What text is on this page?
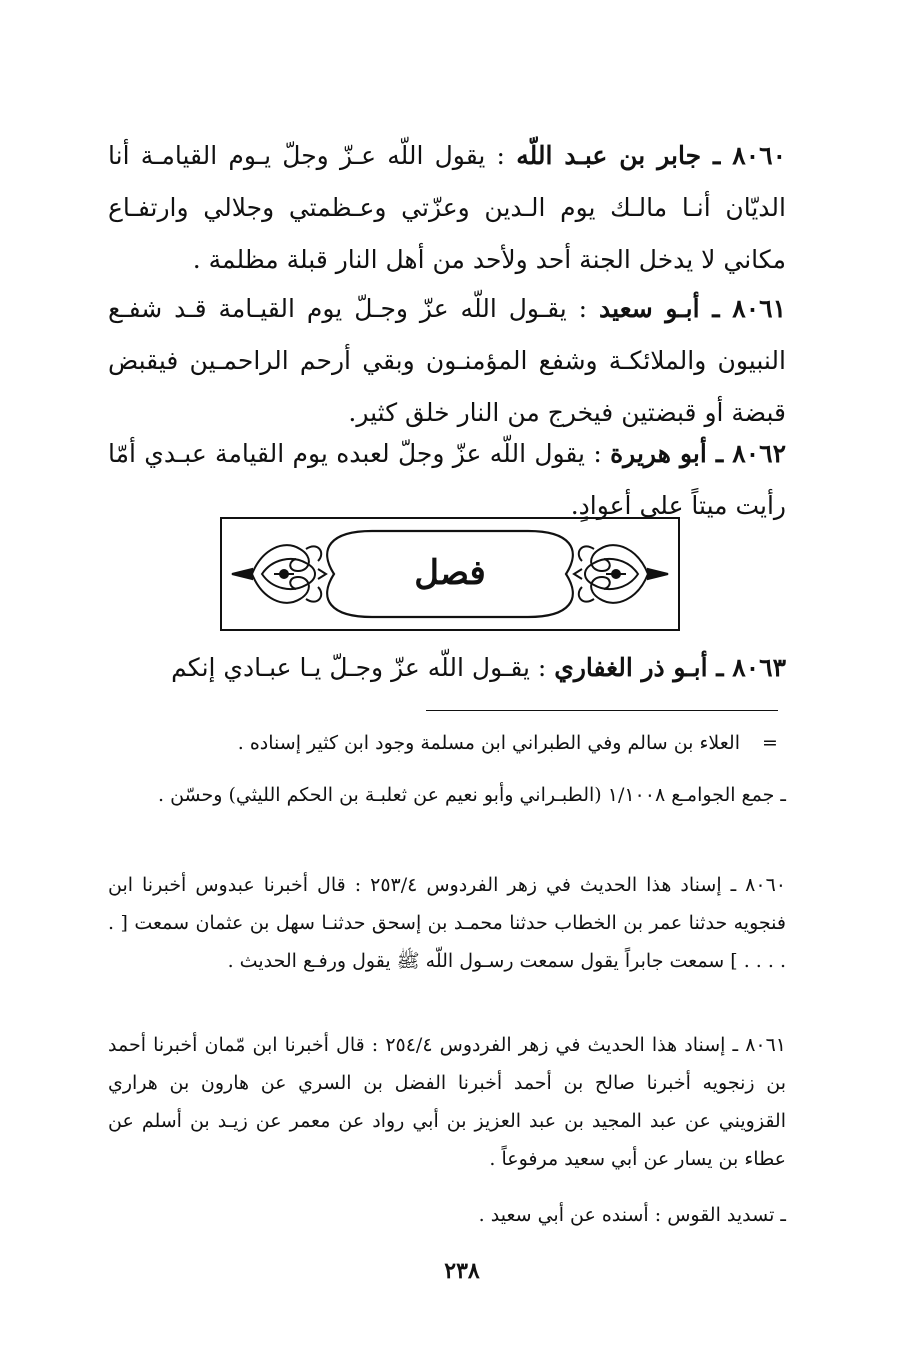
٨٠٦٠ ـ جابر بن عبـد اللّه : يقول اللّه عـزّ وجلّ يـوم القيامـة أنا الديّان أنـا مالـك يوم الـدين وعزّتي وعـظمتي وجلالي وارتفـاع مكاني لا يدخل الجنة أحد ولأحد من أهل النار قبلة مظلمة .

٨٠٦١ ـ أبـو سعيد : يقـول اللّه عزّ وجـلّ يوم القيـامة قـد شفـع النبيون والملائكـة وشفع المؤمنـون وبقي أرحم الراحمـين فيقبض قبضة أو قبضتين فيخرج من النار خلق كثير.

٨٠٦٢ ـ أبو هريرة : يقول اللّه عزّ وجلّ لعبده يوم القيامة عبـدي أمّا رأيت ميتاً على أعوادٍ.

فصل

٨٠٦٣ ـ أبـو ذر الغفاري : يقـول اللّه عزّ وجـلّ يـا عبـادي إنكم

=

العلاء بن سالم وفي الطبراني ابن مسلمة وجود ابن كثير إسناده .

ـ جمع الجوامـع ١/١٠٠٨ (الطبـراني وأبو نعيم عن ثعلبـة بن الحكم الليثي) وحسّن .

٨٠٦٠ ـ إسناد هذا الحديث في زهر الفردوس ٢٥٣/٤ : قال أخبرنا عبدوس أخبرنا ابن فنجويه حدثنا عمر بن الخطاب حدثنا محمـد بن إسحق حدثنـا سهل بن عثمان سمعت [ . . . . . ] سمعت جابراً يقول سمعت رسـول اللّه ﷺ يقول ورفـع الحديث .

٨٠٦١ ـ إسناد هذا الحديث في زهر الفردوس ٢٥٤/٤ : قال أخبرنا ابن مّمان أخبرنا أحمد بن زنجويه أخبرنا صالح بن أحمد أخبرنا الفضل بن السري عن هارون بن هراري القزويني عن عبد المجيد بن عبد العزيز بن أبي رواد عن معمر عن زيـد بن أسلم عن عطاء بن يسار عن أبي سعيد مرفوعاً .

ـ تسديد القوس : أسنده عن أبي سعيد .

٢٣٨
